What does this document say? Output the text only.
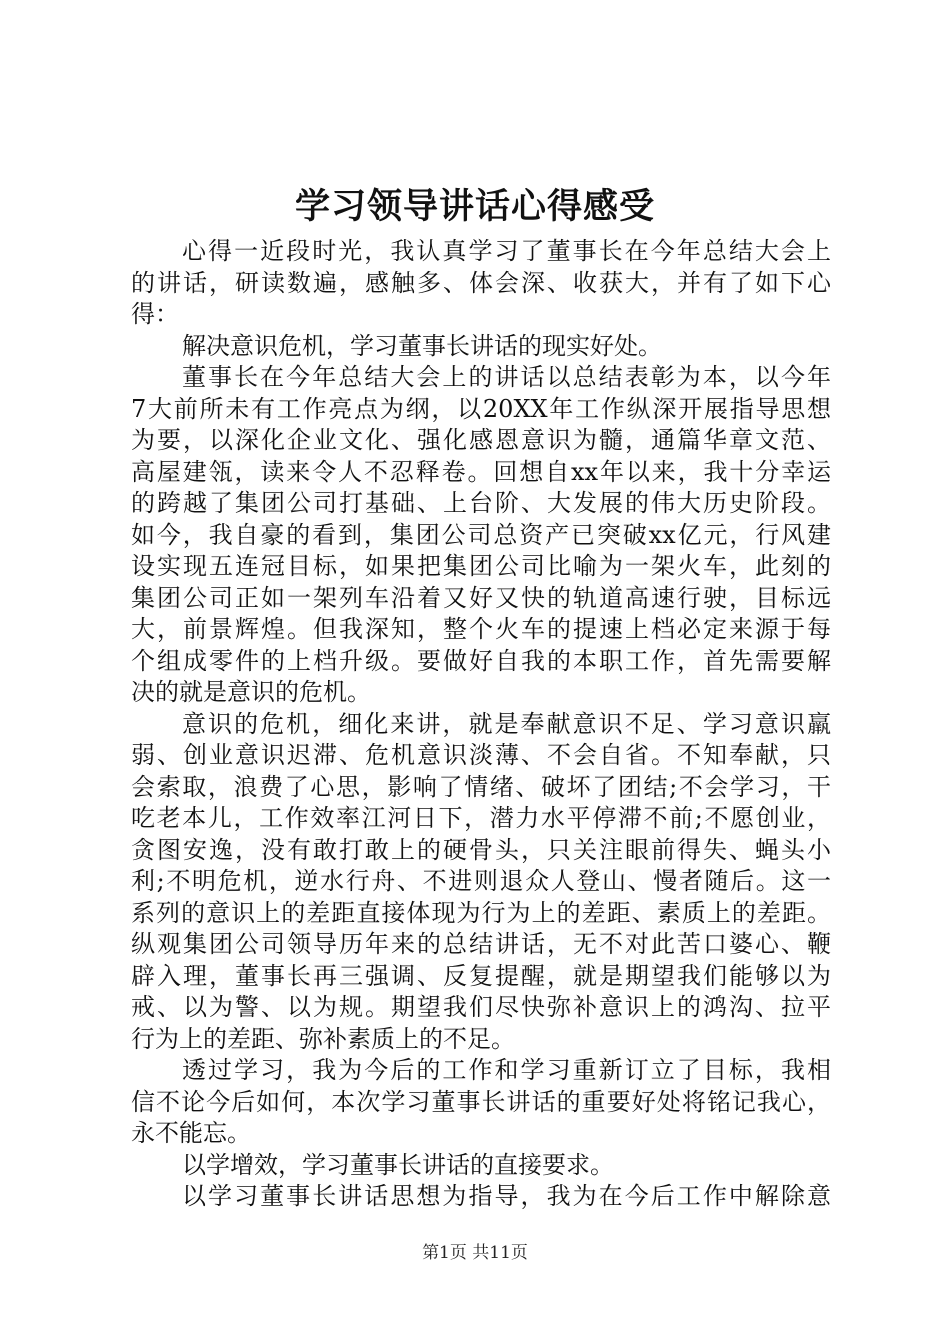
学习领导讲话心得感受
心得一近段时光，我认真学习了董事长在今年总结大会上
的讲话，研读数遍，感触多、体会深、收获大，并有了如下心
得：
解决意识危机，学习董事长讲话的现实好处。
董事长在今年总结大会上的讲话以总结表彰为本，以今年
7大前所未有工作亮点为纲，以20XX年工作纵深开展指导思想
为要，以深化企业文化、强化感恩意识为髓，通篇华章文范、
高屋建瓴，读来令人不忍释卷。回想自xx年以来，我十分幸运
的跨越了集团公司打基础、上台阶、大发展的伟大历史阶段。
如今，我自豪的看到，集团公司总资产已突破xx亿元，行风建
设实现五连冠目标，如果把集团公司比喻为一架火车，此刻的
集团公司正如一架列车沿着又好又快的轨道高速行驶，目标远
大，前景辉煌。但我深知，整个火车的提速上档必定来源于每
个组成零件的上档升级。要做好自我的本职工作，首先需要解
决的就是意识的危机。
意识的危机，细化来讲，就是奉献意识不足、学习意识羸
弱、创业意识迟滞、危机意识淡薄、不会自省。不知奉献，只
会索取，浪费了心思，影响了情绪、破坏了团结;不会学习，干
吃老本儿，工作效率江河日下，潜力水平停滞不前;不愿创业，
贪图安逸，没有敢打敢上的硬骨头，只关注眼前得失、蝇头小
利;不明危机，逆水行舟、不进则退众人登山、慢者随后。这一
系列的意识上的差距直接体现为行为上的差距、素质上的差距。
纵观集团公司领导历年来的总结讲话，无不对此苦口婆心、鞭
辟入理，董事长再三强调、反复提醒，就是期望我们能够以为
戒、以为警、以为规。期望我们尽快弥补意识上的鸿沟、拉平
行为上的差距、弥补素质上的不足。
透过学习，我为今后的工作和学习重新订立了目标，我相
信不论今后如何，本次学习董事长讲话的重要好处将铭记我心，
永不能忘。
以学增效，学习董事长讲话的直接要求。
以学习董事长讲话思想为指导，我为在今后工作中解除意
第1页 共11页
